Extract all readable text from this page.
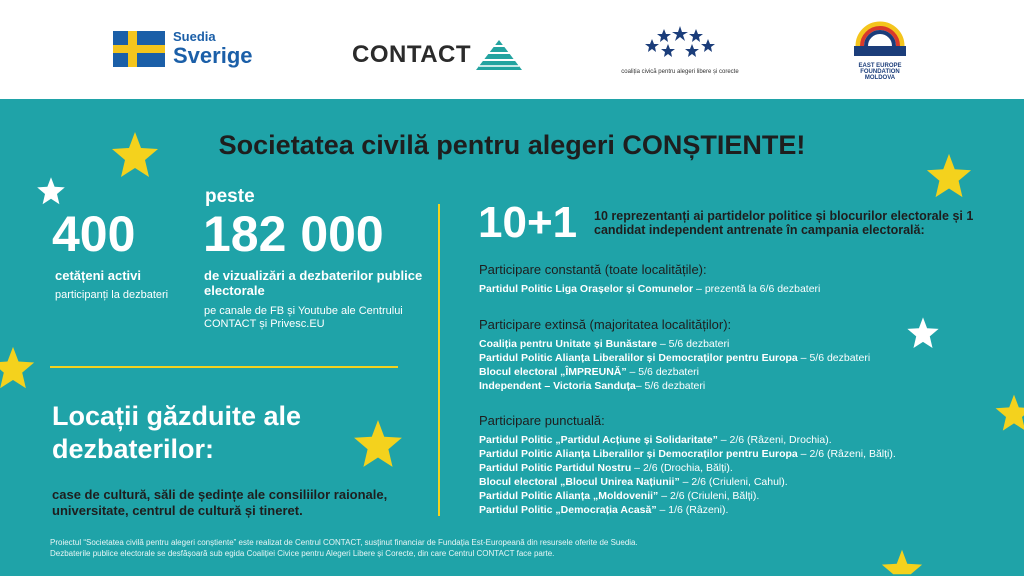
Suedia
Sverige	CONTACT
coaliția civică pentru alegeri libere și corecte
EAST EUROPE FOUNDATION
MOLDOVA
Societatea civilă pentru alegeri CONȘTIENTE!
400
cetățeni activi
participanți la dezbateri
peste
182 000
de vizualizări a dezbaterilor publice electorale
pe canale de FB și Youtube ale Centrului CONTACT și Privesc.EU
Locații găzduite ale dezbaterilor:
case de cultură, săli de ședințe ale consiliilor raionale, universitate, centrul de cultură și tineret.
10+1 10 reprezentanți ai partidelor politice și blocurilor electorale și 1 candidat independent antrenate în campania electorală:
Participare constantă (toate localitățile):
Partidul Politic Liga Orașelor și Comunelor – prezentă la 6/6 dezbateri
Participare extinsă (majoritatea localităților):
Coaliția pentru Unitate și Bunăstare – 5/6 dezbateri
Partidul Politic Alianța Liberalilor și Democraților pentru Europa – 5/6 dezbateri
Blocul electoral „ÎMPREUNĂ” – 5/6 dezbateri
Independent – Victoria Sanduța– 5/6 dezbateri
Participare punctuală:
Partidul Politic „Partidul Acțiune și Solidaritate” – 2/6 (Râzeni, Drochia).
Partidul Politic Alianța Liberalilor și Democraților pentru Europa – 2/6 (Râzeni, Bălți).
Partidul Politic Partidul Nostru – 2/6 (Drochia, Bălți).
Blocul electoral „Blocul Unirea Națiunii” – 2/6 (Criuleni, Cahul).
Partidul Politic Alianța „Moldovenii” – 2/6 (Criuleni, Bălți).
Partidul Politic „Democrația Acasă” – 1/6 (Râzeni).
Proiectul “Societatea civilă pentru alegeri conștiente” este realizat de Centrul CONTACT, susținut financiar de Fundația Est-Europeană din resursele oferite de Suedia.
Dezbaterile publice electorale se desfășoară sub egida Coaliției Civice pentru Alegeri Libere și Corecte, din care Centrul CONTACT face parte.
